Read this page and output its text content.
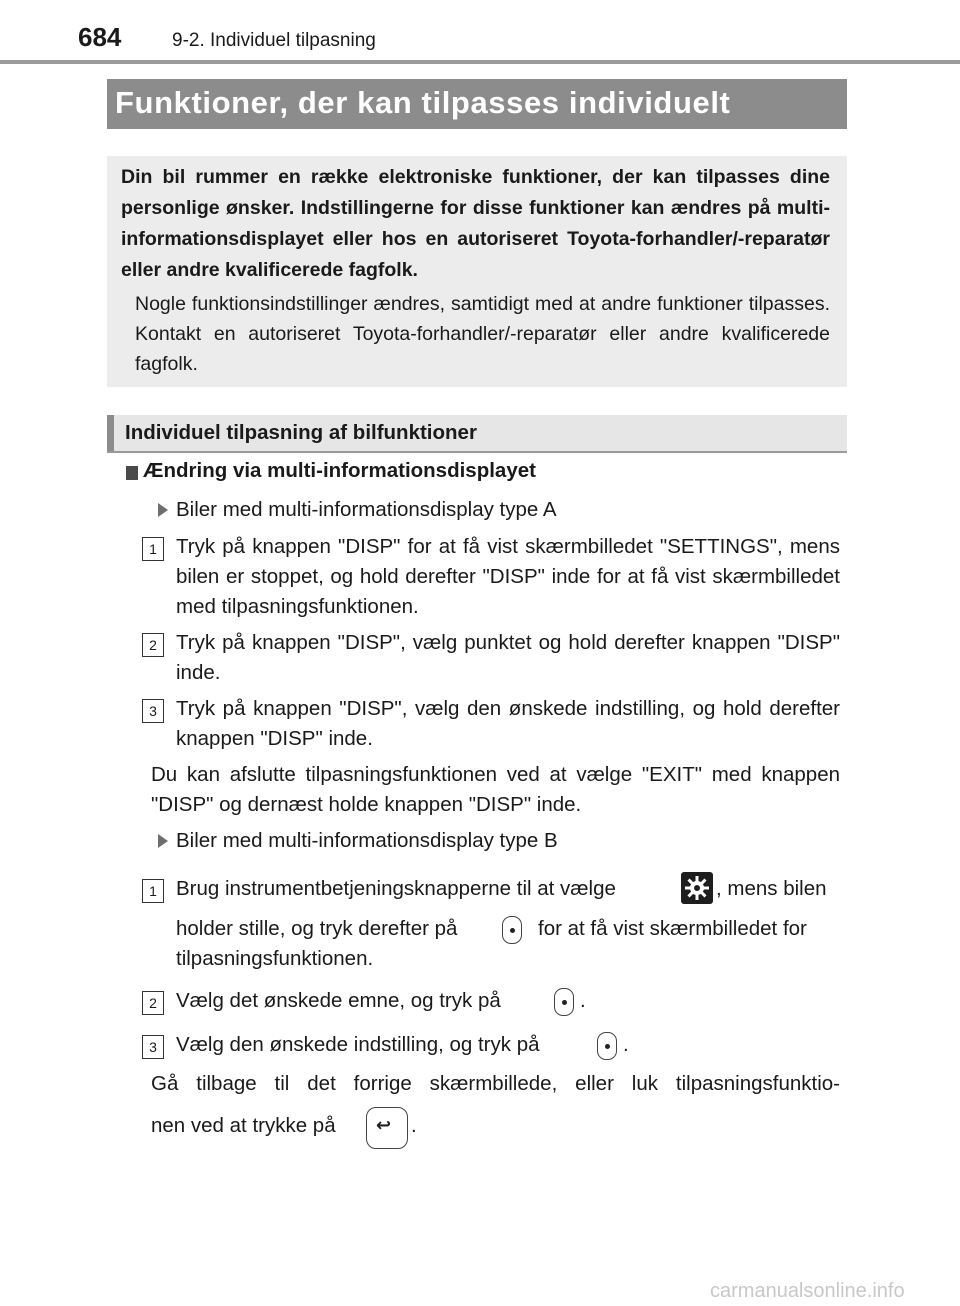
684	9-2. Individuel tilpasning
Funktioner, der kan tilpasses individuelt
Din bil rummer en række elektroniske funktioner, der kan tilpasses dine personlige ønsker. Indstillingerne for disse funktioner kan ændres på multi-informationsdisplayet eller hos en autoriseret Toyota-forhandler/-reparatør eller andre kvalificerede fagfolk.
Nogle funktionsindstillinger ændres, samtidigt med at andre funktioner tilpasses. Kontakt en autoriseret Toyota-forhandler/-reparatør eller andre kvalificerede fagfolk.
Individuel tilpasning af bilfunktioner
Ændring via multi-informationsdisplayet
Biler med multi-informationsdisplay type A
1 Tryk på knappen "DISP" for at få vist skærmbilledet "SETTINGS", mens bilen er stoppet, og hold derefter "DISP" inde for at få vist skærmbilledet med tilpasningsfunktionen.
2 Tryk på knappen "DISP", vælg punktet og hold derefter knappen "DISP" inde.
3 Tryk på knappen "DISP", vælg den ønskede indstilling, og hold derefter knappen "DISP" inde.
Du kan afslutte tilpasningsfunktionen ved at vælge "EXIT" med knappen "DISP" og dernæst holde knappen "DISP" inde.
Biler med multi-informationsdisplay type B
1 Brug instrumentbetjeningsknapperne til at vælge	, mens bilen
holder stille, og tryk derefter på	for at få vist skærmbilledet for
tilpasningsfunktionen.
2 Vælg det ønskede emne, og tryk på	.
3 Vælg den ønskede indstilling, og tryk på	.
Gå tilbage til det forrige skærmbillede, eller luk tilpasningsfunktio-
nen ved at trykke på ↩ .
carmanualsonline.info
